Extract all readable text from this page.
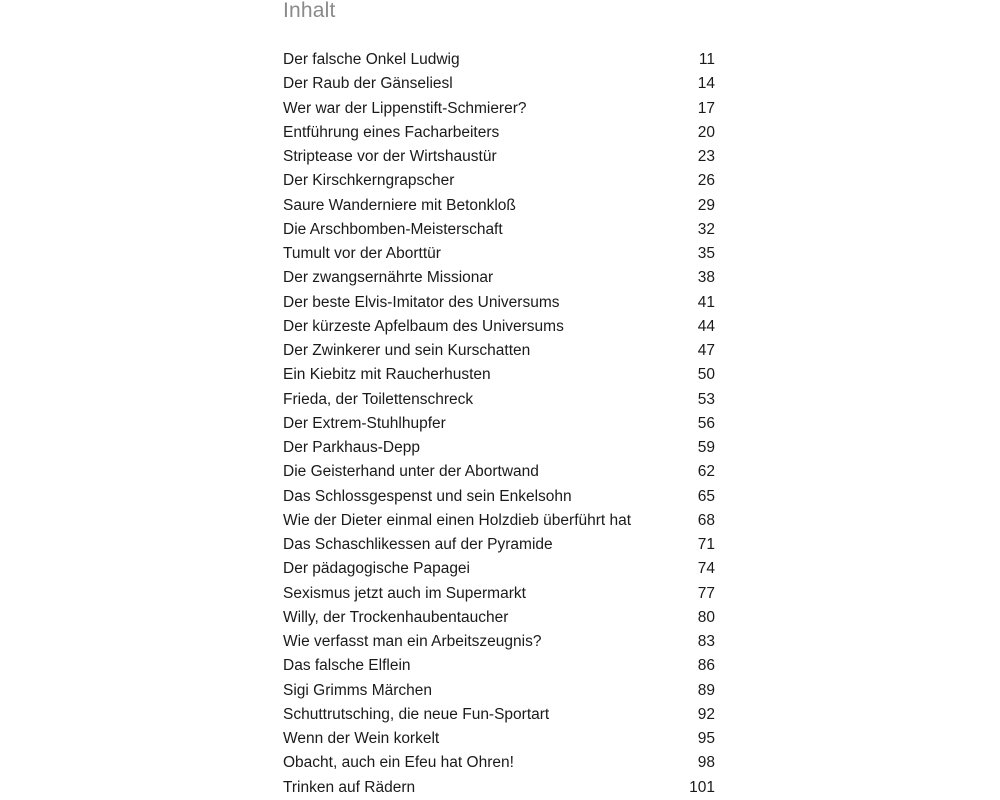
Inhalt
Der falsche Onkel Ludwig	11
Der Raub der Gänseliesl	14
Wer war der Lippenstift-Schmierer?	17
Entführung eines Facharbeiters	20
Striptease vor der Wirtshaustür	23
Der Kirschkerngrapscher	26
Saure Wanderniere mit Betonkloß	29
Die Arschbomben-Meisterschaft	32
Tumult vor der Aborttür	35
Der zwangsernährte Missionar	38
Der beste Elvis-Imitator des Universums	41
Der kürzeste Apfelbaum des Universums	44
Der Zwinkerer und sein Kurschatten	47
Ein Kiebitz mit Raucherhusten	50
Frieda, der Toilettenschreck	53
Der Extrem-Stuhlhupfer	56
Der Parkhaus-Depp	59
Die Geisterhand unter der Abortwand	62
Das Schlossgespenst und sein Enkelsohn	65
Wie der Dieter einmal einen Holzdieb überführt hat	68
Das Schaschlikessen auf der Pyramide	71
Der pädagogische Papagei	74
Sexismus jetzt auch im Supermarkt	77
Willy, der Trockenhaubentaucher	80
Wie verfasst man ein Arbeitszeugnis?	83
Das falsche Elflein	86
Sigi Grimms Märchen	89
Schuttrutsching, die neue Fun-Sportart	92
Wenn der Wein korkelt	95
Obacht, auch ein Efeu hat Ohren!	98
Trinken auf Rädern	101
